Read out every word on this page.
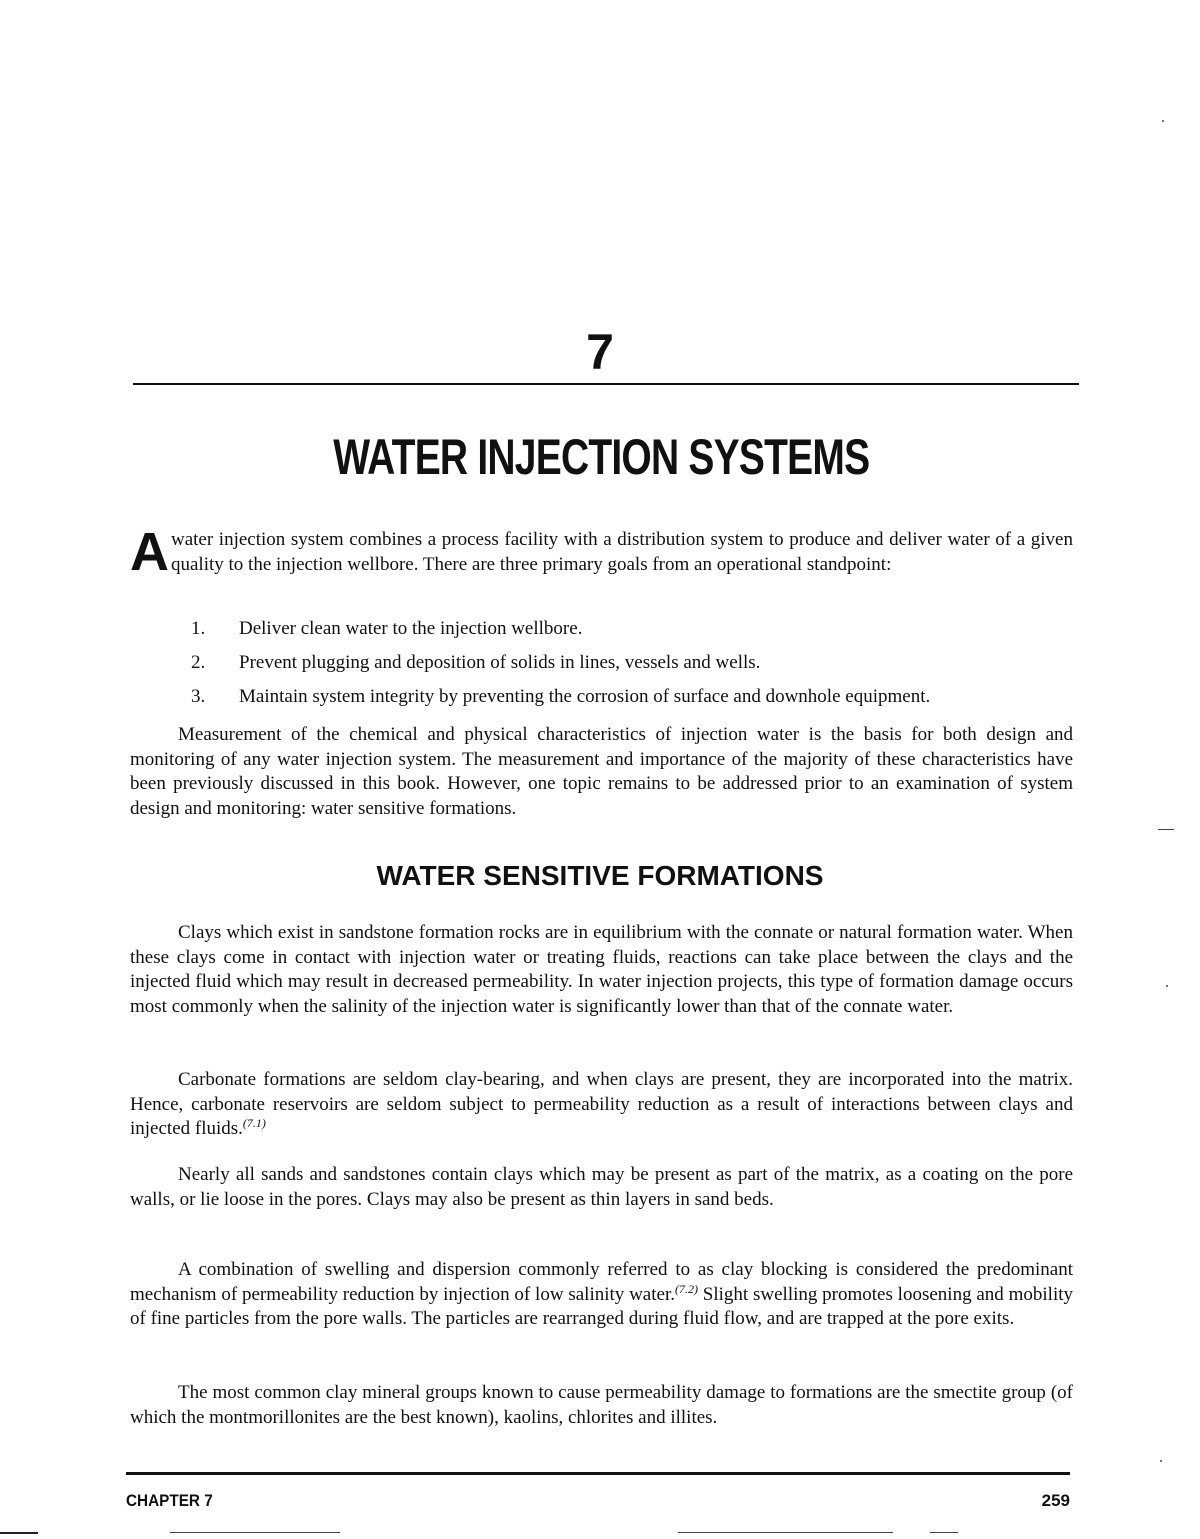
7
WATER INJECTION SYSTEMS
A water injection system combines a process facility with a distribution system to produce and deliver water of a given quality to the injection wellbore. There are three primary goals from an operational standpoint:
1. Deliver clean water to the injection wellbore.
2. Prevent plugging and deposition of solids in lines, vessels and wells.
3. Maintain system integrity by preventing the corrosion of surface and downhole equipment.

Measurement of the chemical and physical characteristics of injection water is the basis for both design and monitoring of any water injection system. The measurement and importance of the majority of these characteristics have been previously discussed in this book. However, one topic remains to be addressed prior to an examination of system design and monitoring: water sensitive formations.

WATER SENSITIVE FORMATIONS

Clays which exist in sandstone formation rocks are in equilibrium with the connate or natural formation water. When these clays come in contact with injection water or treating fluids, reactions can take place between the clays and the injected fluid which may result in decreased permeability. In water injection projects, this type of formation damage occurs most commonly when the salinity of the injection water is significantly lower than that of the connate water.

Carbonate formations are seldom clay-bearing, and when clays are present, they are incorporated into the matrix. Hence, carbonate reservoirs are seldom subject to permeability reduction as a result of interactions between clays and injected fluids.$^{(7.1)}$

Nearly all sands and sandstones contain clays which may be present as part of the matrix, as a coating on the pore walls, or lie loose in the pores. Clays may also be present as thin layers in sand beds.

A combination of swelling and dispersion commonly referred to as clay blocking is considered the predominant mechanism of permeability reduction by injection of low salinity water.$^{(7.2)}$ Slight swelling promotes loosening and mobility of fine particles from the pore walls. The particles are rearranged during fluid flow, and are trapped at the pore exits.

The most common clay mineral groups known to cause permeability damage to formations are the smectite group (of which the montmorillonites are the best known), kaolins, chlorites and illites.

CHAPTER 7	259
